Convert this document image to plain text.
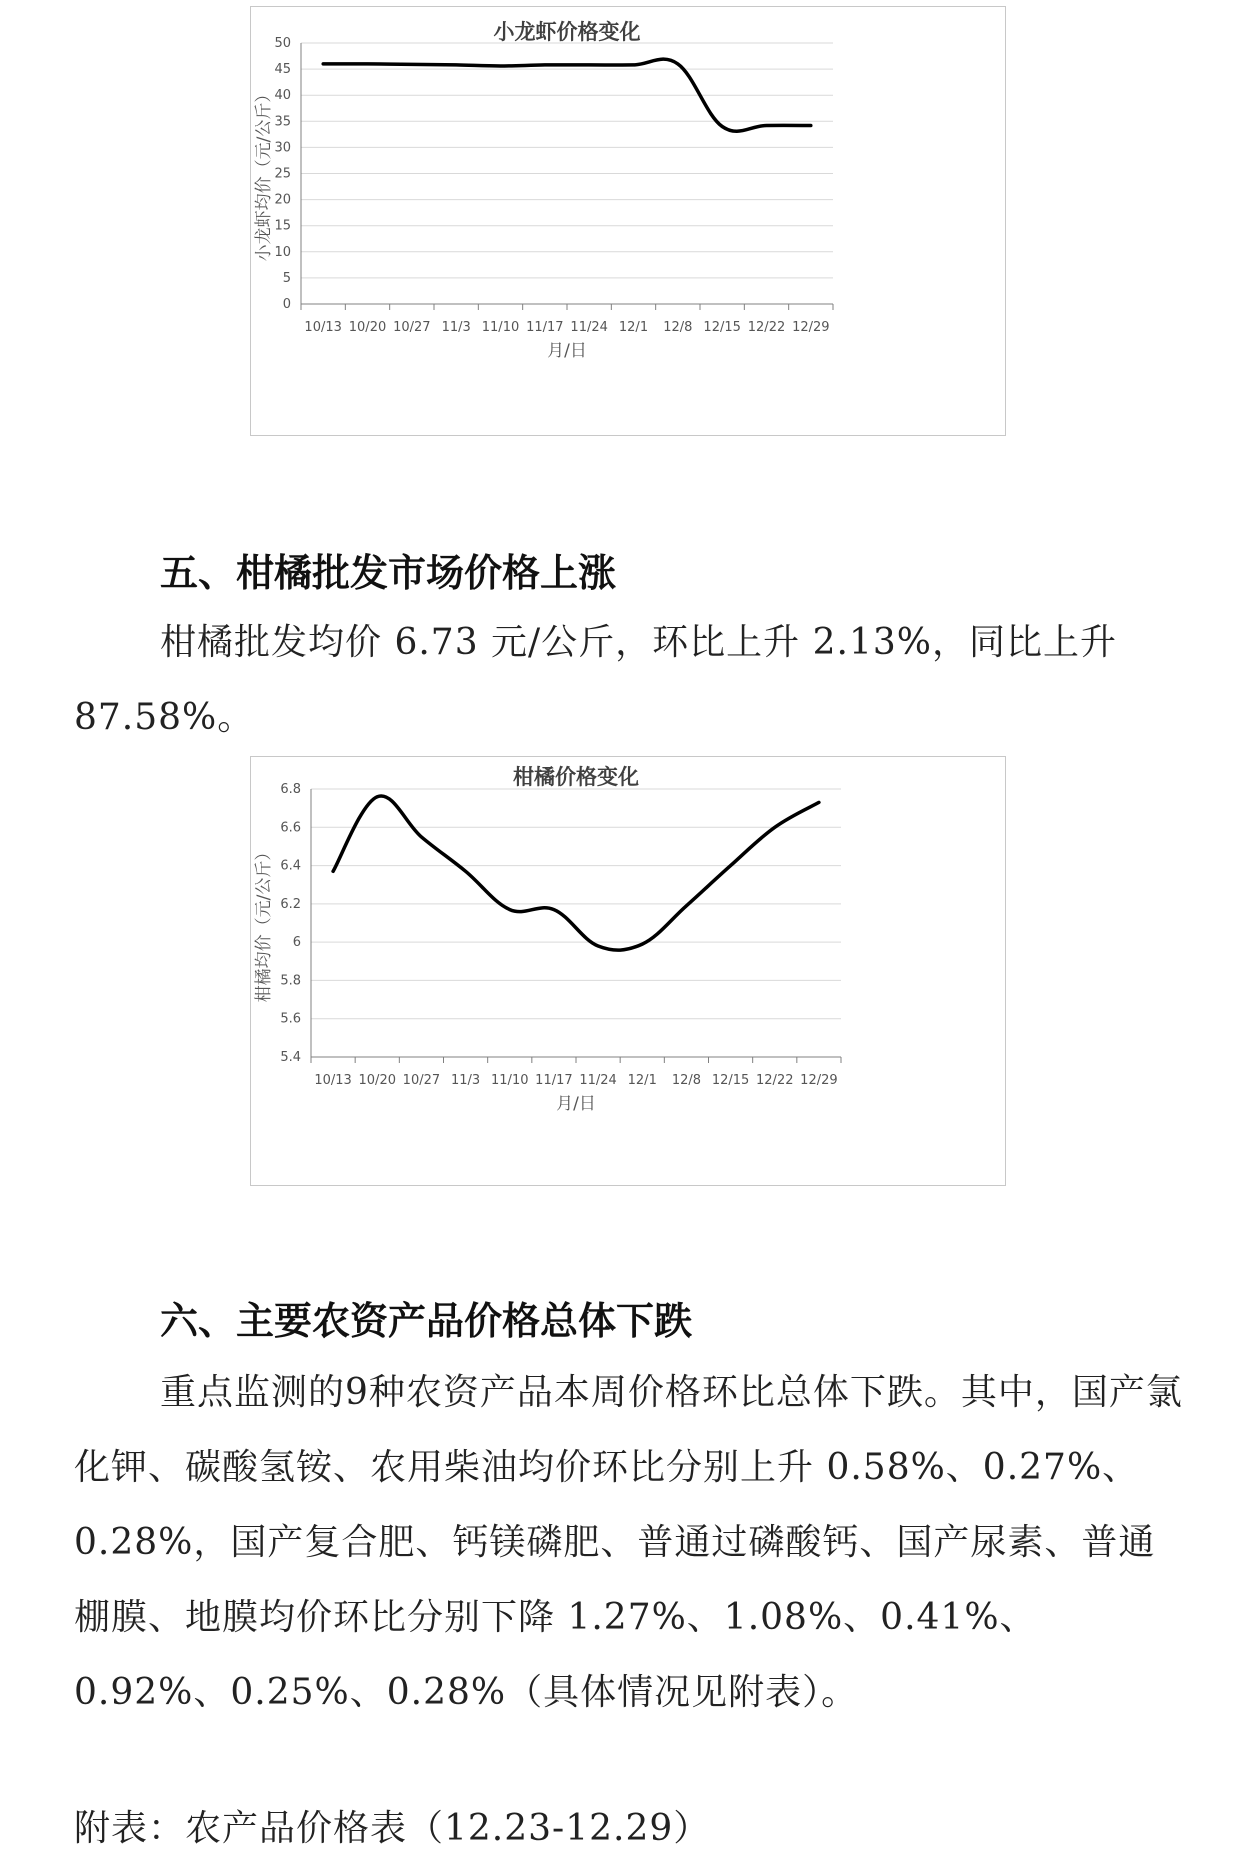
小龙虾价格变化
0
5
10
15
20
25
30
35
40
45
50
10/13 10/20 10/27 11/3 11/10 11/17 11/24 12/1 12/8 12/15 12/22 12/29
月/日
小龙虾均价（元/公斤）
五、柑橘批发市场价格上涨

柑橘批发均价 6.73 元/公斤，环比上升 2.13%，同比上升 87.58%。

柑橘价格变化
5.4
5.6
5.8
6
6.2
6.4
6.6
6.8
10/13 10/20 10/27 11/3 11/10 11/17 11/24 12/1 12/8 12/15 12/22 12/29
月/日
柑橘均价（元/公斤）
六、主要农资产品价格总体下跌

重点监测的9种农资产品本周价格环比总体下跌。其中，国产氯化钾、碳酸氢铵、农用柴油均价环比分别上升 0.58%、0.27%、0.28%，国产复合肥、钙镁磷肥、普通过磷酸钙、国产尿素、普通棚膜、地膜均价环比分别下降 1.27%、1.08%、0.41%、0.92%、0.25%、0.28%（具体情况见附表）。

附表：农产品价格表（12.23-12.29）
